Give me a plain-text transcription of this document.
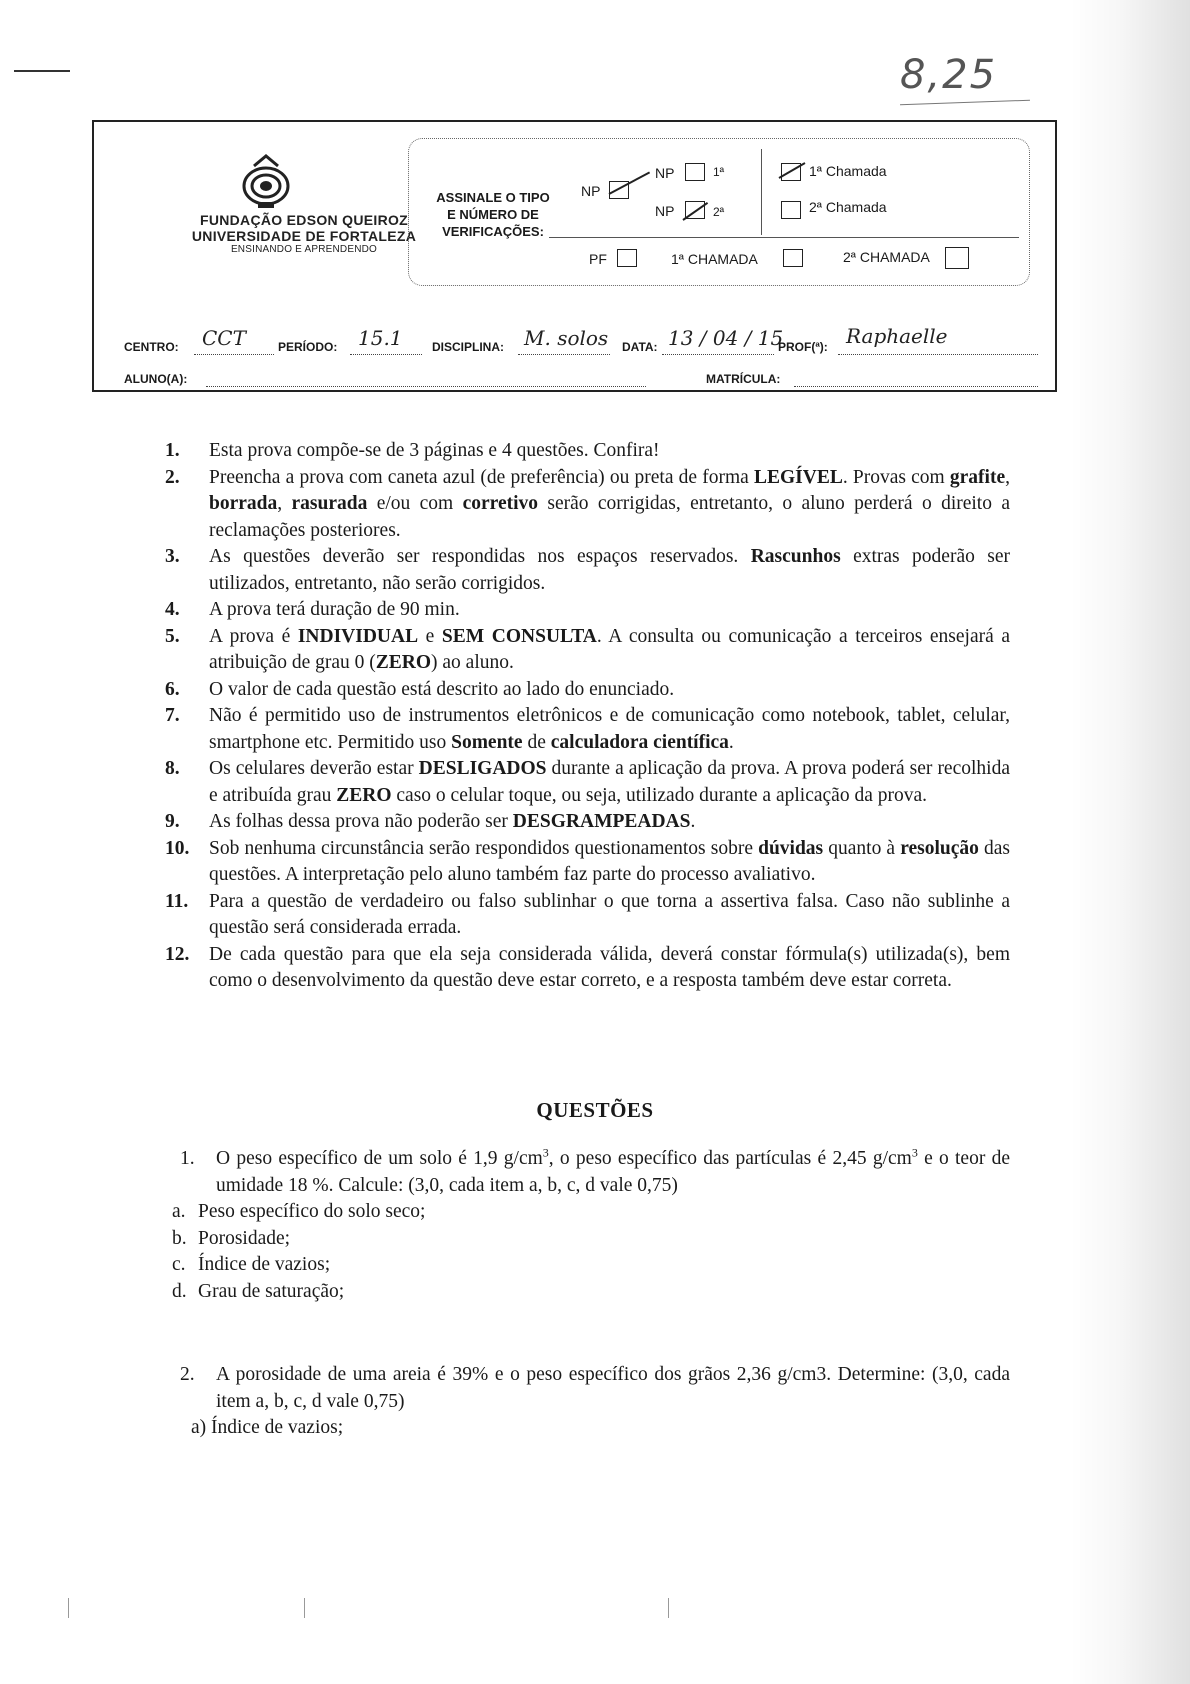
8,25
FUNDAÇÃO EDSON QUEIROZ
UNIVERSIDADE DE FORTALEZA
ENSINANDO E APRENDENDO
ASSINALE O TIPO
E NÚMERO DE
VERIFICAÇÕES:
NP
NP	1ª
NP	2ª
1ª Chamada
2ª Chamada
PF	1ª CHAMADA	2ª CHAMADA
CENTRO: CCT	PERÍODO: 15.1 DISCIPLINA: M. solos DATA: 13 / 04 / 15
PROF(ª): Raphaelle
ALUNO(A):	MATRÍCULA:
1.	Esta prova compõe-se de 3 páginas e 4 questões. Confira!
2.	Preencha a prova com caneta azul (de preferência) ou preta de forma LEGÍVEL. Provas com grafite, borrada, rasurada e/ou com corretivo serão corrigidas, entretanto, o aluno perderá o direito a reclamações posteriores.
3.	As questões deverão ser respondidas nos espaços reservados. Rascunhos extras poderão ser utilizados, entretanto, não serão corrigidos.
4.	A prova terá duração de 90 min.
5.	A prova é INDIVIDUAL e SEM CONSULTA. A consulta ou comunicação a terceiros ensejará a atribuição de grau 0 (ZERO) ao aluno.
6.	O valor de cada questão está descrito ao lado do enunciado.
7.	Não é permitido uso de instrumentos eletrônicos e de comunicação como notebook, tablet, celular, smartphone etc. Permitido uso Somente de calculadora científica.
8.	Os celulares deverão estar DESLIGADOS durante a aplicação da prova. A prova poderá ser recolhida e atribuída grau ZERO caso o celular toque, ou seja, utilizado durante a aplicação da prova.
9.	As folhas dessa prova não poderão ser DESGRAMPEADAS.
10.	Sob nenhuma circunstância serão respondidos questionamentos sobre dúvidas quanto à resolução das questões. A interpretação pelo aluno também faz parte do processo avaliativo.
11.	Para a questão de verdadeiro ou falso sublinhar o que torna a assertiva falsa. Caso não sublinhe a questão será considerada errada.
12.	De cada questão para que ela seja considerada válida, deverá constar fórmula(s) utilizada(s), bem como o desenvolvimento da questão deve estar correto, e a resposta também deve estar correta.
QUESTÕES
1.	O peso específico de um solo é 1,9 $g/cm^3$, o peso específico das partículas é 2,45 $g/cm^3$ e o teor de umidade 18 %. Calcule: (3,0, cada item a, b, c, d vale 0,75)
a. Peso específico do solo seco;
b. Porosidade;
c. Índice de vazios;
d. Grau de saturação;
2.	A porosidade de uma areia é 39% e o peso específico dos grãos 2,36 g/cm3. Determine: (3,0, cada item a, b, c, d vale 0,75)
a) Índice de vazios;
